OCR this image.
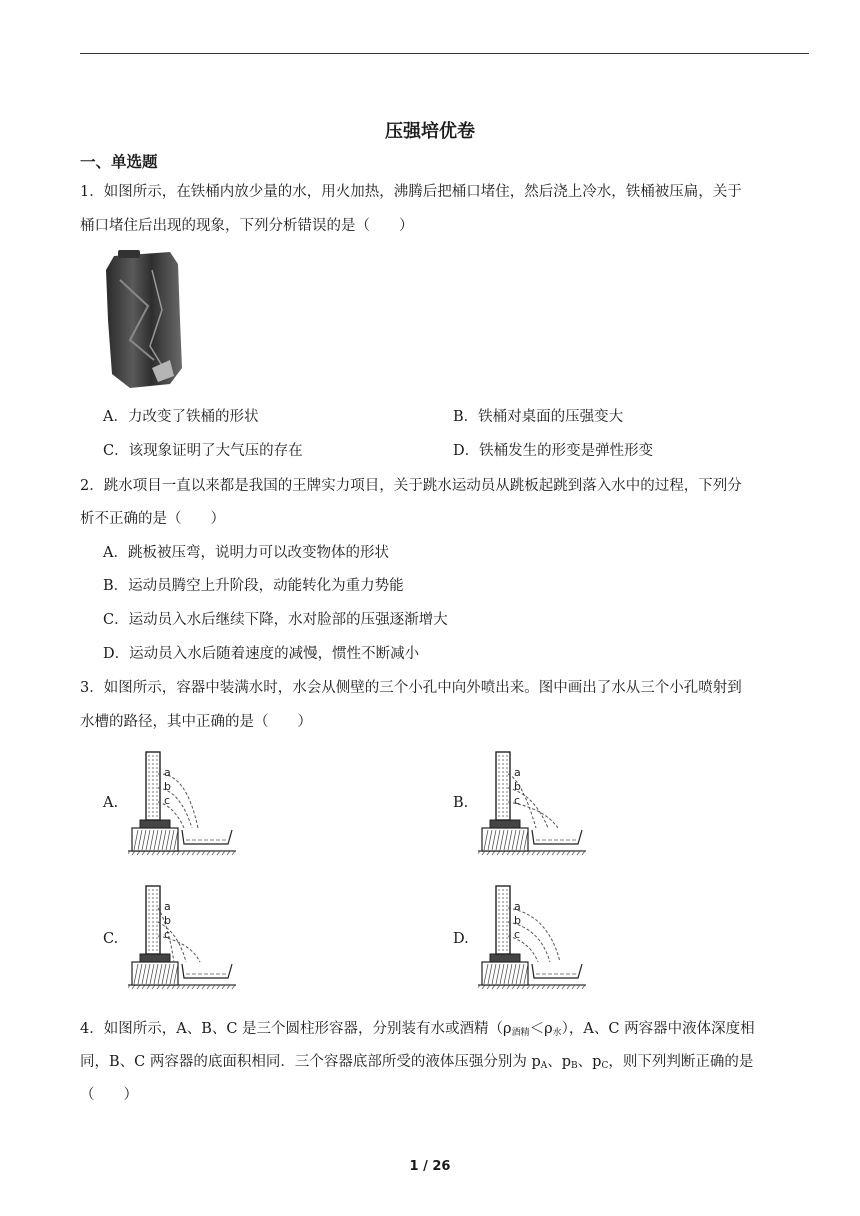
压强培优卷
一、单选题
1．如图所示，在铁桶内放少量的水，用火加热，沸腾后把桶口堵住，然后浇上冷水，铁桶被压扁，关于
桶口堵住后出现的现象，下列分析错误的是（　　）
A．力改变了铁桶的形状	B．铁桶对桌面的压强变大
C．该现象证明了大气压的存在	D．铁桶发生的形变是弹性形变
2．跳水项目一直以来都是我国的王牌实力项目，关于跳水运动员从跳板起跳到落入水中的过程，下列分
析不正确的是（　　）
A．跳板被压弯，说明力可以改变物体的形状
B．运动员腾空上升阶段，动能转化为重力势能
C．运动员入水后继续下降，水对脸部的压强逐渐增大
D．运动员入水后随着速度的减慢，惯性不断减小
3．如图所示，容器中装满水时，水会从侧壁的三个小孔中向外喷出来。图中画出了水从三个小孔喷射到
水槽的路径，其中正确的是（　　）
A.	B.
C.	D.
a
b
c
a
b
c
a
b
c
a
b
c
4．如图所示，A、B、C 是三个圆柱形容器，分别装有水或酒精$(\rho_{酒精}<\rho_水)$，A、C 两容器中液体深度相
同，B、C 两容器的底面积相同．三个容器底部所受的液体压强分别为 $p_A$、$p_B$、$p_C$，则下列判断正确的是
（　　）
1 / 26
